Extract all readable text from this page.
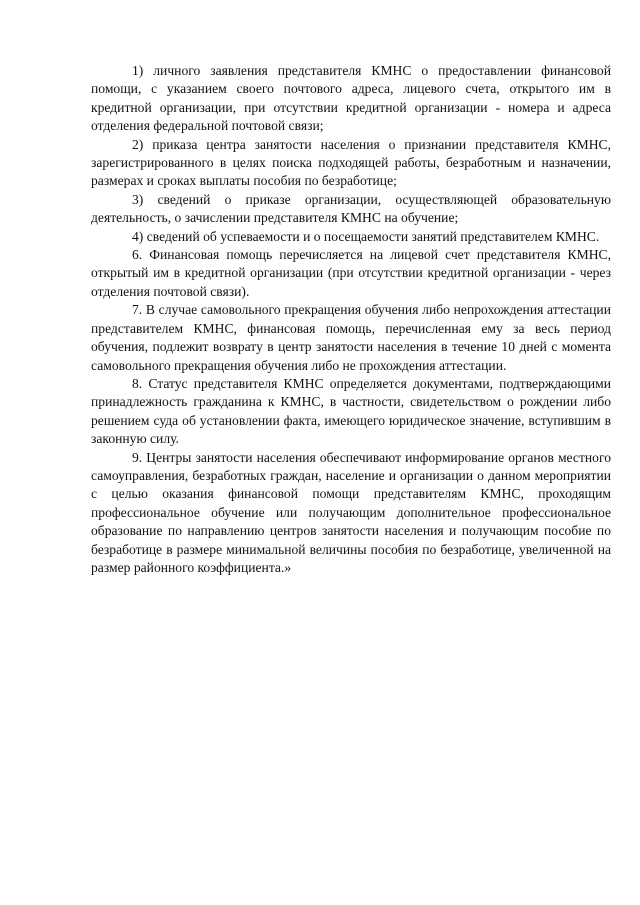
1) личного заявления представителя КМНС о предоставлении финансовой помощи, с указанием своего почтового адреса, лицевого счета, открытого им в кредитной организации, при отсутствии кредитной организации - номера и адреса отделения федеральной почтовой связи;

2) приказа центра занятости населения о признании представителя КМНС, зарегистрированного в целях поиска подходящей работы, безработным и назначении, размерах и сроках выплаты пособия по безработице;

3) сведений о приказе организации, осуществляющей образовательную деятельность, о зачислении представителя КМНС на обучение;

4) сведений об успеваемости и о посещаемости занятий представителем КМНС.

6. Финансовая помощь перечисляется на лицевой счет представителя КМНС, открытый им в кредитной организации (при отсутствии кредитной организации - через отделения почтовой связи).

7. В случае самовольного прекращения обучения либо непрохождения аттестации представителем КМНС, финансовая помощь, перечисленная ему за весь период обучения, подлежит возврату в центр занятости населения в течение 10 дней с момента самовольного прекращения обучения либо не прохождения аттестации.

8. Статус представителя КМНС определяется документами, подтверждающими принадлежность гражданина к КМНС, в частности, свидетельством о рождении либо решением суда об установлении факта, имеющего юридическое значение, вступившим в законную силу.

9. Центры занятости населения обеспечивают информирование органов местного самоуправления, безработных граждан, население и организации о данном мероприятии с целью оказания финансовой помощи представителям КМНС, проходящим профессиональное обучение или получающим дополнительное профессиональное образование по направлению центров занятости населения и получающим пособие по безработице в размере минимальной величины пособия по безработице, увеличенной на размер районного коэффициента.»
